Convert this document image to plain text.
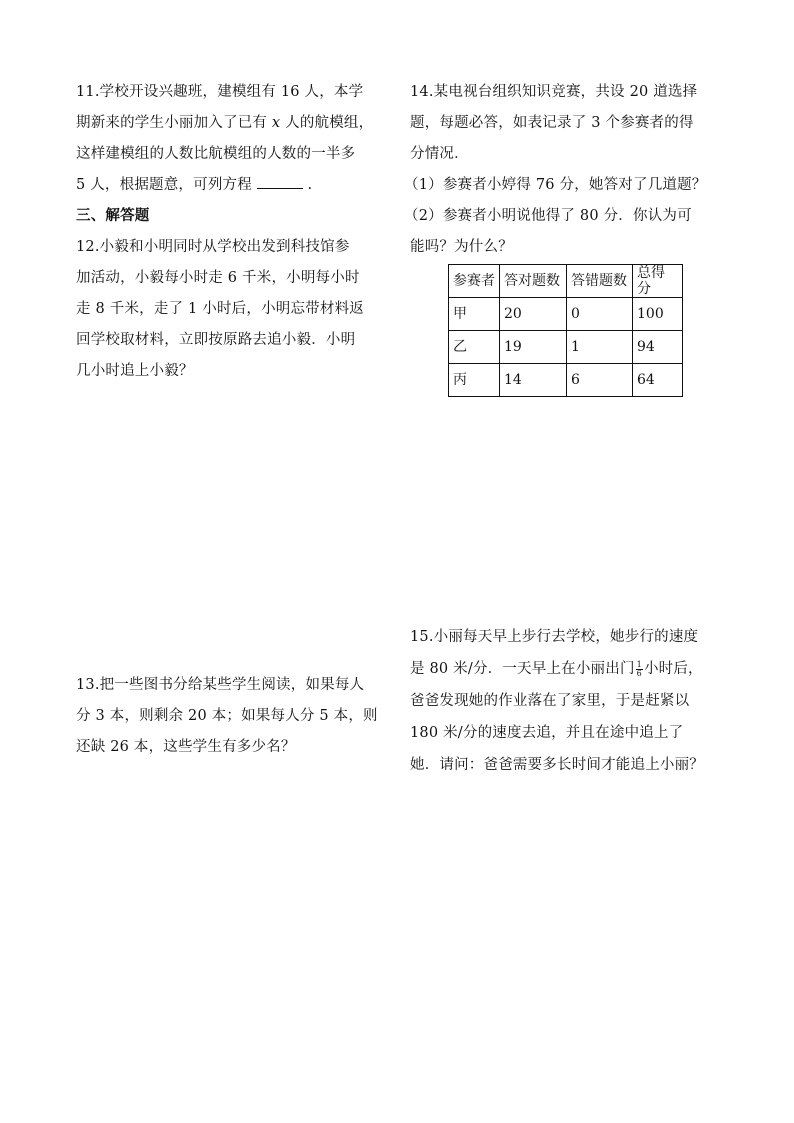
11.学校开设兴趣班，建模组有 16 人，本学

期新来的学生小丽加入了已有 x 人的航模组，

这样建模组的人数比航模组的人数的一半多

5 人，根据题意，可列方程	.

三、解答题

12.小毅和小明同时从学校出发到科技馆参

加活动，小毅每小时走 6 千米，小明每小时

走 8 千米，走了 1 小时后，小明忘带材料返

回学校取材料，立即按原路去追小毅．小明

几小时追上小毅？

13.把一些图书分给某些学生阅读，如果每人

分 3 本，则剩余 20 本；如果每人分 5 本，则

还缺 26 本，这些学生有多少名？

14.某电视台组织知识竞赛，共设 20 道选择

题，每题必答，如表记录了 3 个参赛者的得

分情况．

（1）参赛者小婷得 76 分，她答对了几道题？

（2）参赛者小明说他得了 80 分．你认为可

能吗？为什么？

参赛者	答对题数	答错题数	总得分
甲	20	0	100
乙	19	1	94
丙	14	6	64

15.小丽每天早上步行去学校，她步行的速度

是 80 米/分．一天早上在小丽出门 $\frac{1}{6}$ 小时后，

爸爸发现她的作业落在了家里，于是赶紧以

180 米/分的速度去追，并且在途中追上了

她．请问：爸爸需要多长时间才能追上小丽？
